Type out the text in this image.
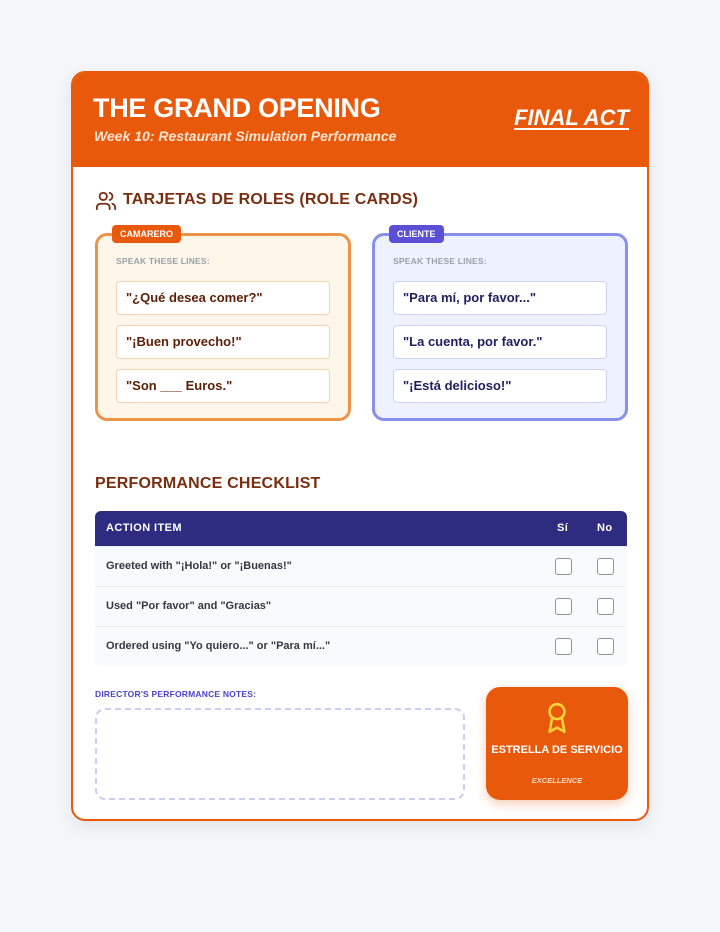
THE GRAND OPENING
Week 10: Restaurant Simulation Performance
FINAL ACT
TARJETAS DE ROLES (ROLE CARDS)
CAMARERO
SPEAK THESE LINES:
"¿Qué desea comer?"
"¡Buen provecho!"
"Son ___ Euros."
CLIENTE
SPEAK THESE LINES:
"Para mí, por favor..."
"La cuenta, por favor."
"¡Está delicioso!"
PERFORMANCE CHECKLIST
ACTION ITEM	Sí	No
Greeted with "¡Hola!" or "¡Buenas!"
Used "Por favor" and "Gracias"
Ordered using "Yo quiero..." or "Para mí..."
DIRECTOR'S PERFORMANCE NOTES:
ESTRELLA DE SERVICIO
EXCELLENCE
